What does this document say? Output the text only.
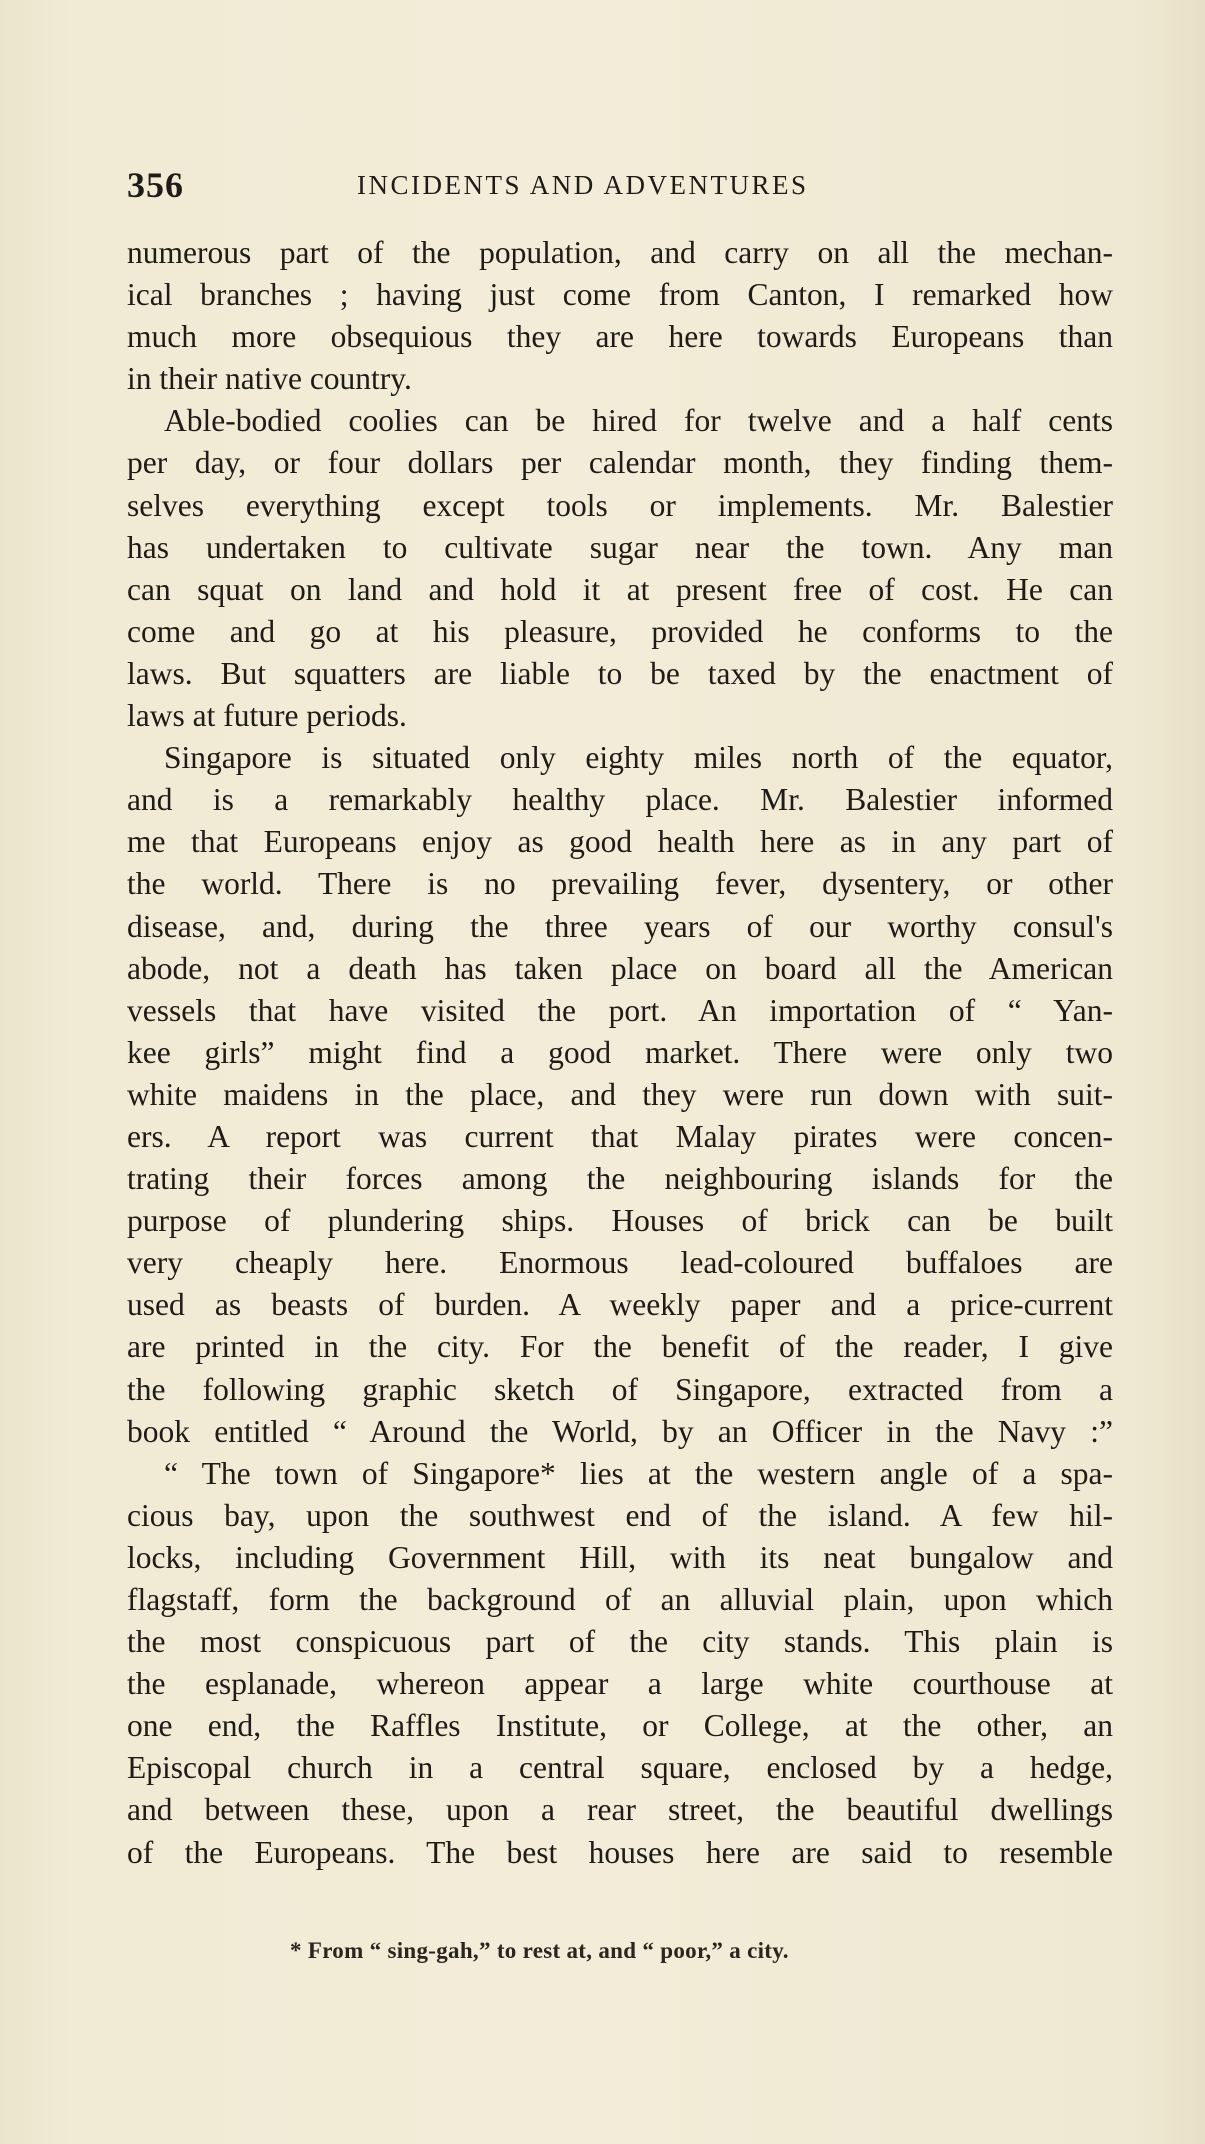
356	INCIDENTS AND ADVENTURES
numerous part of the population, and carry on all the mechan-
ical branches ; having just come from Canton, I remarked how
much more obsequious they are here towards Europeans than
in their native country.
Able-bodied coolies can be hired for twelve and a half cents
per day, or four dollars per calendar month, they finding them-
selves everything except tools or implements. Mr. Balestier
has undertaken to cultivate sugar near the town. Any man
can squat on land and hold it at present free of cost. He can
come and go at his pleasure, provided he conforms to the
laws. But squatters are liable to be taxed by the enactment of
laws at future periods.
Singapore is situated only eighty miles north of the equator,
and is a remarkably healthy place. Mr. Balestier informed
me that Europeans enjoy as good health here as in any part of
the world. There is no prevailing fever, dysentery, or other
disease, and, during the three years of our worthy consul's
abode, not a death has taken place on board all the American
vessels that have visited the port. An importation of “ Yan-
kee girls” might find a good market. There were only two
white maidens in the place, and they were run down with suit-
ers. A report was current that Malay pirates were concen-
trating their forces among the neighbouring islands for the
purpose of plundering ships. Houses of brick can be built
very cheaply here. Enormous lead-coloured buffaloes are
used as beasts of burden. A weekly paper and a price-current
are printed in the city. For the benefit of the reader, I give
the following graphic sketch of Singapore, extracted from a
book entitled “ Around the World, by an Officer in the Navy :”
“ The town of Singapore* lies at the western angle of a spa-
cious bay, upon the southwest end of the island. A few hil-
locks, including Government Hill, with its neat bungalow and
flagstaff, form the background of an alluvial plain, upon which
the most conspicuous part of the city stands. This plain is
the esplanade, whereon appear a large white courthouse at
one end, the Raffles Institute, or College, at the other, an
Episcopal church in a central square, enclosed by a hedge,
and between these, upon a rear street, the beautiful dwellings
of the Europeans. The best houses here are said to resemble
* From “ sing-gah,” to rest at, and “ poor,” a city.
